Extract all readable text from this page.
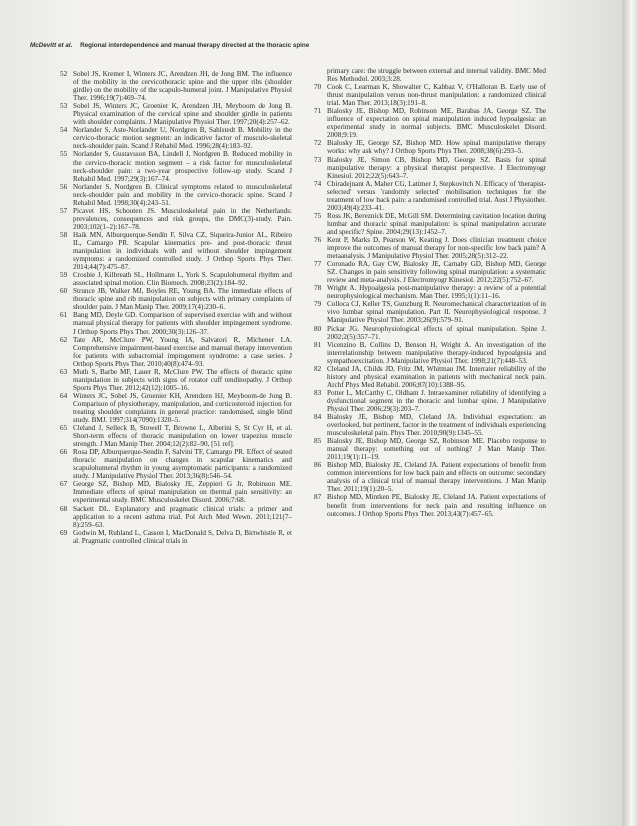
McDevitt et al. Regional interdependence and manual therapy directed at the thoracic spine

52 Sobel JS, Kremer I, Winters JC, Arendzen JH, de Jong BM. The influence of the mobility in the cervicothoracic spine and the upper ribs (shoulder girdle) on the mobility of the scapulo-humeral joint. J Manipulative Physiol Ther. 1996;19(7):469–74.

53 Sobel JS, Winters JC, Groenier K, Arendzen JH, Meyboom de Jong B. Physical examination of the cervical spine and shoulder girdle in patients with shoulder complaints. J Manipulative Physiol Ther. 1997;20(4):257–62.

54 Norlander S, Aste-Norlander U, Nordgren B, Sahlstedt B. Mobility in the cervico-thoracic motion segment: an indicative factor of musculo-skeletal neck-shoulder pain. Scand J Rehabil Med. 1996;28(4):183–92.

55 Norlander S, Gustavsson BA, Lindell J, Nordgren B. Reduced mobility in the cervico-thoracic motion segment – a risk factor for musculoskeletal neck-shoulder pain: a two-year prospective follow-up study. Scand J Rehabil Med. 1997;29(3):167–74.

56 Norlander S, Nordgren B. Clinical symptoms related to musculoskeletal neck-shoulder pain and mobility in the cervico-thoracic spine. Scand J Rehabil Med. 1998;30(4):243–51.

57 Picavet HS, Schouten JS. Musculoskeletal pain in the Netherlands: prevalences, consequences and risk groups, the DMC(3)-study. Pain. 2003;102(1–2):167–78.

58 Haik MN, Alburquerque-Sendín F, Silva CZ, Siqueira-Junior AL, Ribeiro IL, Camargo PR. Scapular kinematics pre- and post-thoracic thrust manipulation in individuals with and without shoulder impingement symptoms: a randomized controlled study. J Orthop Sports Phys Ther. 2014;44(7):475–87.

59 Crosbie J, Kilbreath SL, Hollmann L, York S. Scapulohumeral rhythm and associated spinal motion. Clin Biomech. 2008;23(2):184–92.

60 Strunce JB, Walker MJ, Boyles RE, Young BA. The immediate effects of thoracic spine and rib manipulation on subjects with primary complaints of shoulder pain. J Man Manip Ther. 2009;17(4):230–6.

61 Bang MD, Deyle GD. Comparison of supervised exercise with and without manual physical therapy for patients with shoulder impingement syndrome. J Orthop Sports Phys Ther. 2000;30(3):126–37.

62 Tate AR, McClure PW, Young IA, Salvatori R, Michener LA. Comprehensive impairment-based exercise and manual therapy intervention for patients with subacromial impingement syndrome: a case series. J Orthop Sports Phys Ther. 2010;40(8):474–93.

63 Muth S, Barbe MF, Lauer R, McClure PW. The effects of thoracic spine manipulation in subjects with signs of rotator cuff tendinopathy. J Orthop Sports Phys Ther. 2012;42(12):1005–16.

64 Winters JC, Sobel JS, Groenier KH, Arendzen HJ, Meyboom-de Jong B. Comparison of physiotherapy, manipulation, and corticosteroid injection for treating shoulder complaints in general practice: randomised, single blind study. BMJ. 1997;314(7090):1320–5.

65 Cleland J, Selleck B, Stowell T, Browne L, Alberini S, St Cyr H, et al. Short-term effects of thoracic manipulation on lower trapezius muscle strength. J Man Manip Ther. 2004;12(2):82–90, [51 ref].

66 Rosa DP, Alburquerque-Sendín F, Salvini TF, Camargo PR. Effect of seated thoracic manipulation on changes in scapular kinematics and scapulohumeral rhythm in young asymptomatic participants: a randomized study. J Manipulative Physiol Ther. 2013;36(8):546–54.

67 George SZ, Bishop MD, Bialosky JE, Zeppieri G Jr, Robinson ME. Immediate effects of spinal manipulation on thermal pain sensitivity: an experimental study. BMC Musculoskelet Disord. 2006;7:68.

68 Sackett DL. Explanatory and pragmatic clinical trials: a primer and application to a recent asthma trial. Pol Arch Med Wewn. 2011;121(7–8):259–63.

69 Godwin M, Ruhland L, Casson I, MacDonald S, Delva D, Birtwhistle R, et al. Pragmatic controlled clinical trials in

primary care: the struggle between external and internal validity. BMC Med Res Methodol. 2003;3:28.

70 Cook C, Learman K, Showalter C, Kabbaz V, O'Halloran B. Early use of thrust manipulation versus non-thrust manipulation: a randomized clinical trial. Man Ther. 2013;18(3):191–8.

71 Bialosky JE, Bishop MD, Robinson ME, Barabas JA, George SZ. The influence of expectation on spinal manipulation induced hypoalgesia: an experimental study in normal subjects. BMC Musculoskelet Disord. 2008;9:19.

72 Bialosky JE, George SZ, Bishop MD. How spinal manipulative therapy works: why ask why? J Orthop Sports Phys Ther. 2008;38(6):293–5.

73 Bialosky JE, Simon CB, Bishop MD, George SZ. Basis for spinal manipulative therapy: a physical therapist perspective. J Electromyogr Kinesiol. 2012;22(5):643–7.

74 Chiradejnant A, Maher CG, Latimer J, Stepkovitch N. Efficacy of 'therapist-selected' versus 'randomly selected' mobilisation techniques for the treatment of low back pain: a randomised controlled trial. Aust J Physiother. 2003;49(4):233–41.

75 Ross JK, Bereznick DE, McGill SM. Determining cavitation location during lumbar and thoracic spinal manipulation: is spinal manipulation accurate and specific? Spine. 2004;29(13):1452–7.

76 Kent P, Marks D, Pearson W, Keating J. Does clinician treatment choice improve the outcomes of manual therapy for non-specific low back pain? A metaanalysis. J Manipulative Physiol Ther. 2005;28(5):312–22.

77 Coronado RA, Gay CW, Bialosky JE, Carnaby GD, Bishop MD, George SZ. Changes in pain sensitivity following spinal manipulation: a systematic review and meta-analysis. J Electromyogr Kinesiol. 2012;22(5):752–67.

78 Wright A. Hypoalgesia post-manipulative therapy: a review of a potential neurophysiological mechanism. Man Ther. 1995;1(1):11–16.

79 Colloca CJ, Keller TS, Gunzburg R. Neuromechanical characterization of in vivo lumbar spinal manipulation. Part II. Neurophysiological response. J Manipulative Physiol Ther. 2003;26(9):579–91.

80 Pickar JG. Neurophysiological effects of spinal manipulation. Spine J. 2002;2(5):357–71.

81 Vicenzino B, Collins D, Benson H, Wright A. An investigation of the interrelationship between manipulative therapy-induced hypoalgesia and sympathoexcitation. J Manipulative Physiol Ther. 1998;21(7):448–53.

82 Cleland JA, Childs JD, Fritz JM, Whitman JM. Interrater reliability of the history and physical examination in patients with mechanical neck pain. Archf Phys Med Rehabil. 2006;87(10):1388–95.

83 Potter L, McCarthy C, Oldham J. Intraexaminer reliability of identifying a dysfunctional segment in the thoracic and lumbar spine. J Manipulative Physiol Ther. 2006;29(3):203–7.

84 Bialosky JE, Bishop MD, Cleland JA. Individual expectation: an overlooked, but pertinent, factor in the treatment of individuals experiencing musculoskeletal pain. Phys Ther. 2010;90(9):1345–55.

85 Bialosky JE, Bishop MD, George SZ, Robinson ME. Placebo response to manual therapy: something out of nothing? J Man Manip Ther. 2011;19(1):11–19.

86 Bishop MD, Bialosky JE, Cleland JA. Patient expectations of benefit from common interventions for low back pain and effects on outcome: secondary analysis of a clinical trial of manual therapy interventions. J Man Manip Ther. 2011;19(1):20–5.

87 Bishop MD, Mintken PE, Bialosky JE, Cleland JA. Patient expectations of benefit from interventions for neck pain and resulting influence on outcomes. J Orthop Sports Phys Ther. 2013;43(7):457–65.
